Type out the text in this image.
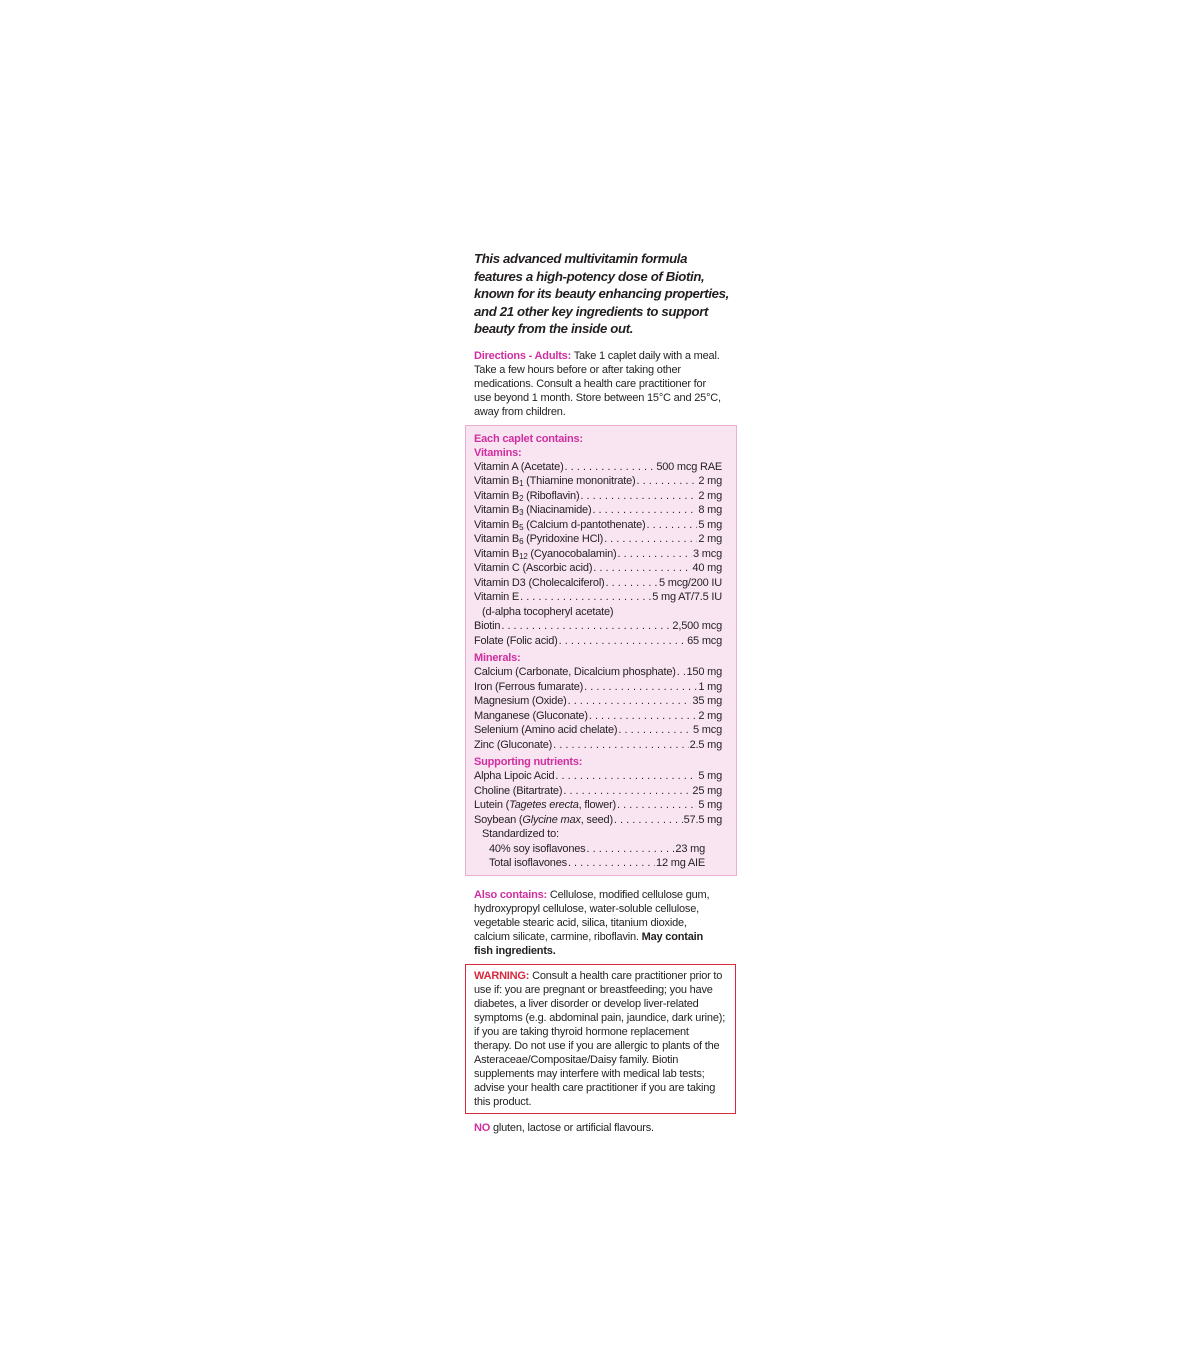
This advanced multivitamin formula features a high-potency dose of Biotin, known for its beauty enhancing properties, and 21 other key ingredients to support beauty from the inside out.
Directions - Adults: Take 1 caplet daily with a meal. Take a few hours before or after taking other medications. Consult a health care practitioner for use beyond 1 month. Store between 15°C and 25°C, away from children.
Each caplet contains:
Vitamins:
Vitamin A (Acetate) . . .	500 mcg RAE
Vitamin $B_1$ (Thiamine mononitrate) . . .	2 mg
Vitamin $B_2$ (Riboflavin) . . .	2 mg
Vitamin $B_3$ (Niacinamide) . . .	8 mg
Vitamin $B_5$ (Calcium d-pantothenate) . . .	5 mg
Vitamin $B_6$ (Pyridoxine HCl) . . .	2 mg
Vitamin $B_{12}$ (Cyanocobalamin) . . .	3 mcg
Vitamin C (Ascorbic acid) . . .	40 mg
Vitamin D3 (Cholecalciferol) . . .	5 mcg/200 IU
Vitamin E . . .	5 mg AT/7.5 IU
(d-alpha tocopheryl acetate)
Biotin . . .	2,500 mcg
Folate (Folic acid) . . .	65 mcg
Minerals:
Calcium (Carbonate, Dicalcium phosphate) . . . 150 mg
Iron (Ferrous fumarate) . . .	1 mg
Magnesium (Oxide) . . .	35 mg
Manganese (Gluconate) . . .	2 mg
Selenium (Amino acid chelate) . . .	5 mcg
Zinc (Gluconate) . . .	2.5 mg
Supporting nutrients:
Alpha Lipoic Acid . . .	5 mg
Choline (Bitartrate) . . .	25 mg
Lutein (Tagetes erecta, flower) . . .	5 mg
Soybean (Glycine max, seed) . . .	57.5 mg
Standardized to:
40% soy isoflavones . . .	23 mg
Total isoflavones . . .	12 mg AIE
Also contains: Cellulose, modified cellulose gum, hydroxypropyl cellulose, water-soluble cellulose, vegetable stearic acid, silica, titanium dioxide, calcium silicate, carmine, riboflavin. May contain fish ingredients.
WARNING: Consult a health care practitioner prior to use if: you are pregnant or breastfeeding; you have diabetes, a liver disorder or develop liver-related symptoms (e.g. abdominal pain, jaundice, dark urine); if you are taking thyroid hormone replacement therapy. Do not use if you are allergic to plants of the Asteraceae/Compositae/Daisy family. Biotin supplements may interfere with medical lab tests; advise your health care practitioner if you are taking this product.
NO gluten, lactose or artificial flavours.
